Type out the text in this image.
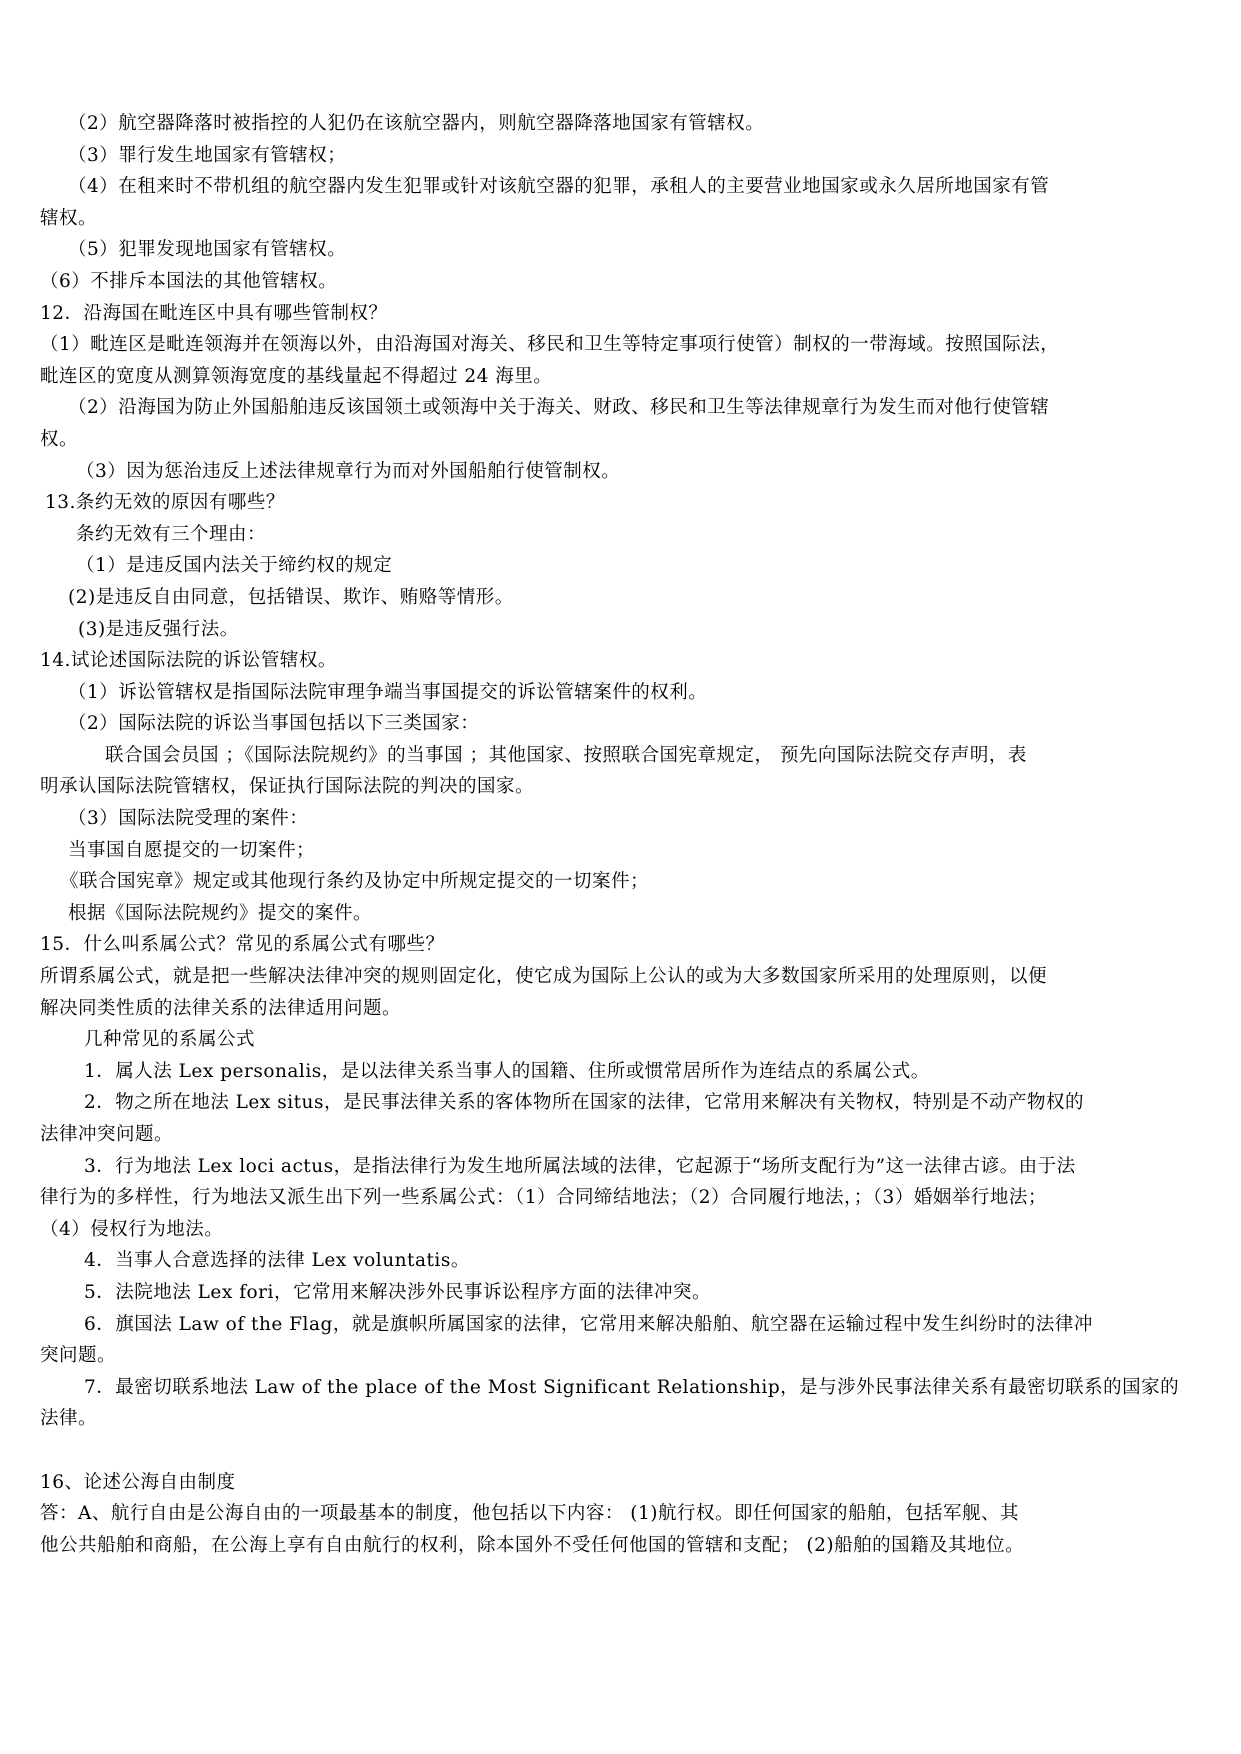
（2）航空器降落时被指控的人犯仍在该航空器内，则航空器降落地国家有管辖权。
（3）罪行发生地国家有管辖权；
（4）在租来时不带机组的航空器内发生犯罪或针对该航空器的犯罪，承租人的主要营业地国家或永久居所地国家有管
辖权。
（5）犯罪发现地国家有管辖权。
（6）不排斥本国法的其他管辖权。
12．沿海国在毗连区中具有哪些管制权？
（1）毗连区是毗连领海并在领海以外，由沿海国对海关、移民和卫生等特定事项行使管）制权的一带海域。按照国际法，
毗连区的宽度从测算领海宽度的基线量起不得超过 24 海里。
（2）沿海国为防止外国船舶违反该国领土或领海中关于海关、财政、移民和卫生等法律规章行为发生而对他行使管辖
权。
（3）因为惩治违反上述法律规章行为而对外国船舶行使管制权。
13.条约无效的原因有哪些？
条约无效有三个理由：
（1）是违反国内法关于缔约权的规定
(2)是违反自由同意，包括错误、欺诈、贿赂等情形。
(3)是违反强行法。
14.试论述国际法院的诉讼管辖权。
（1）诉讼管辖权是指国际法院审理争端当事国提交的诉讼管辖案件的权利。
（2）国际法院的诉讼当事国包括以下三类国家：
联合国会员国 ；《国际法院规约》的当事国 ；其他国家、按照联合国宪章规定， 预先向国际法院交存声明，表
明承认国际法院管辖权，保证执行国际法院的判决的国家。
（3）国际法院受理的案件：
当事国自愿提交的一切案件；
《联合国宪章》规定或其他现行条约及协定中所规定提交的一切案件；
根据《国际法院规约》提交的案件。
15．什么叫系属公式？常见的系属公式有哪些？
所谓系属公式，就是把一些解决法律冲突的规则固定化，使它成为国际上公认的或为大多数国家所采用的处理原则，以便
解决同类性质的法律关系的法律适用问题。
几种常见的系属公式
1．属人法 Lex personalis，是以法律关系当事人的国籍、住所或惯常居所作为连结点的系属公式。
2．物之所在地法 Lex situs，是民事法律关系的客体物所在国家的法律，它常用来解决有关物权，特别是不动产物权的
法律冲突问题。
3．行为地法 Lex loci actus，是指法律行为发生地所属法域的法律，它起源于“场所支配行为”这一法律古谚。由于法
律行为的多样性，行为地法又派生出下列一些系属公式：（1）合同缔结地法；（2）合同履行地法，；（3）婚姻举行地法；
（4）侵权行为地法。
4．当事人合意选择的法律 Lex voluntatis。
5．法院地法 Lex fori，它常用来解决涉外民事诉讼程序方面的法律冲突。
6．旗国法 Law of the Flag，就是旗帜所属国家的法律，它常用来解决船舶、航空器在运输过程中发生纠纷时的法律冲
突问题。
7．最密切联系地法 Law of the place of the Most Significant Relationship，是与涉外民事法律关系有最密切联系的国家的
法律。
16、论述公海自由制度
答：A、航行自由是公海自由的一项最基本的制度，他包括以下内容： (1)航行权。即任何国家的船舶，包括军舰、其
他公共船舶和商船，在公海上享有自由航行的权利，除本国外不受任何他国的管辖和支配； (2)船舶的国籍及其地位。
